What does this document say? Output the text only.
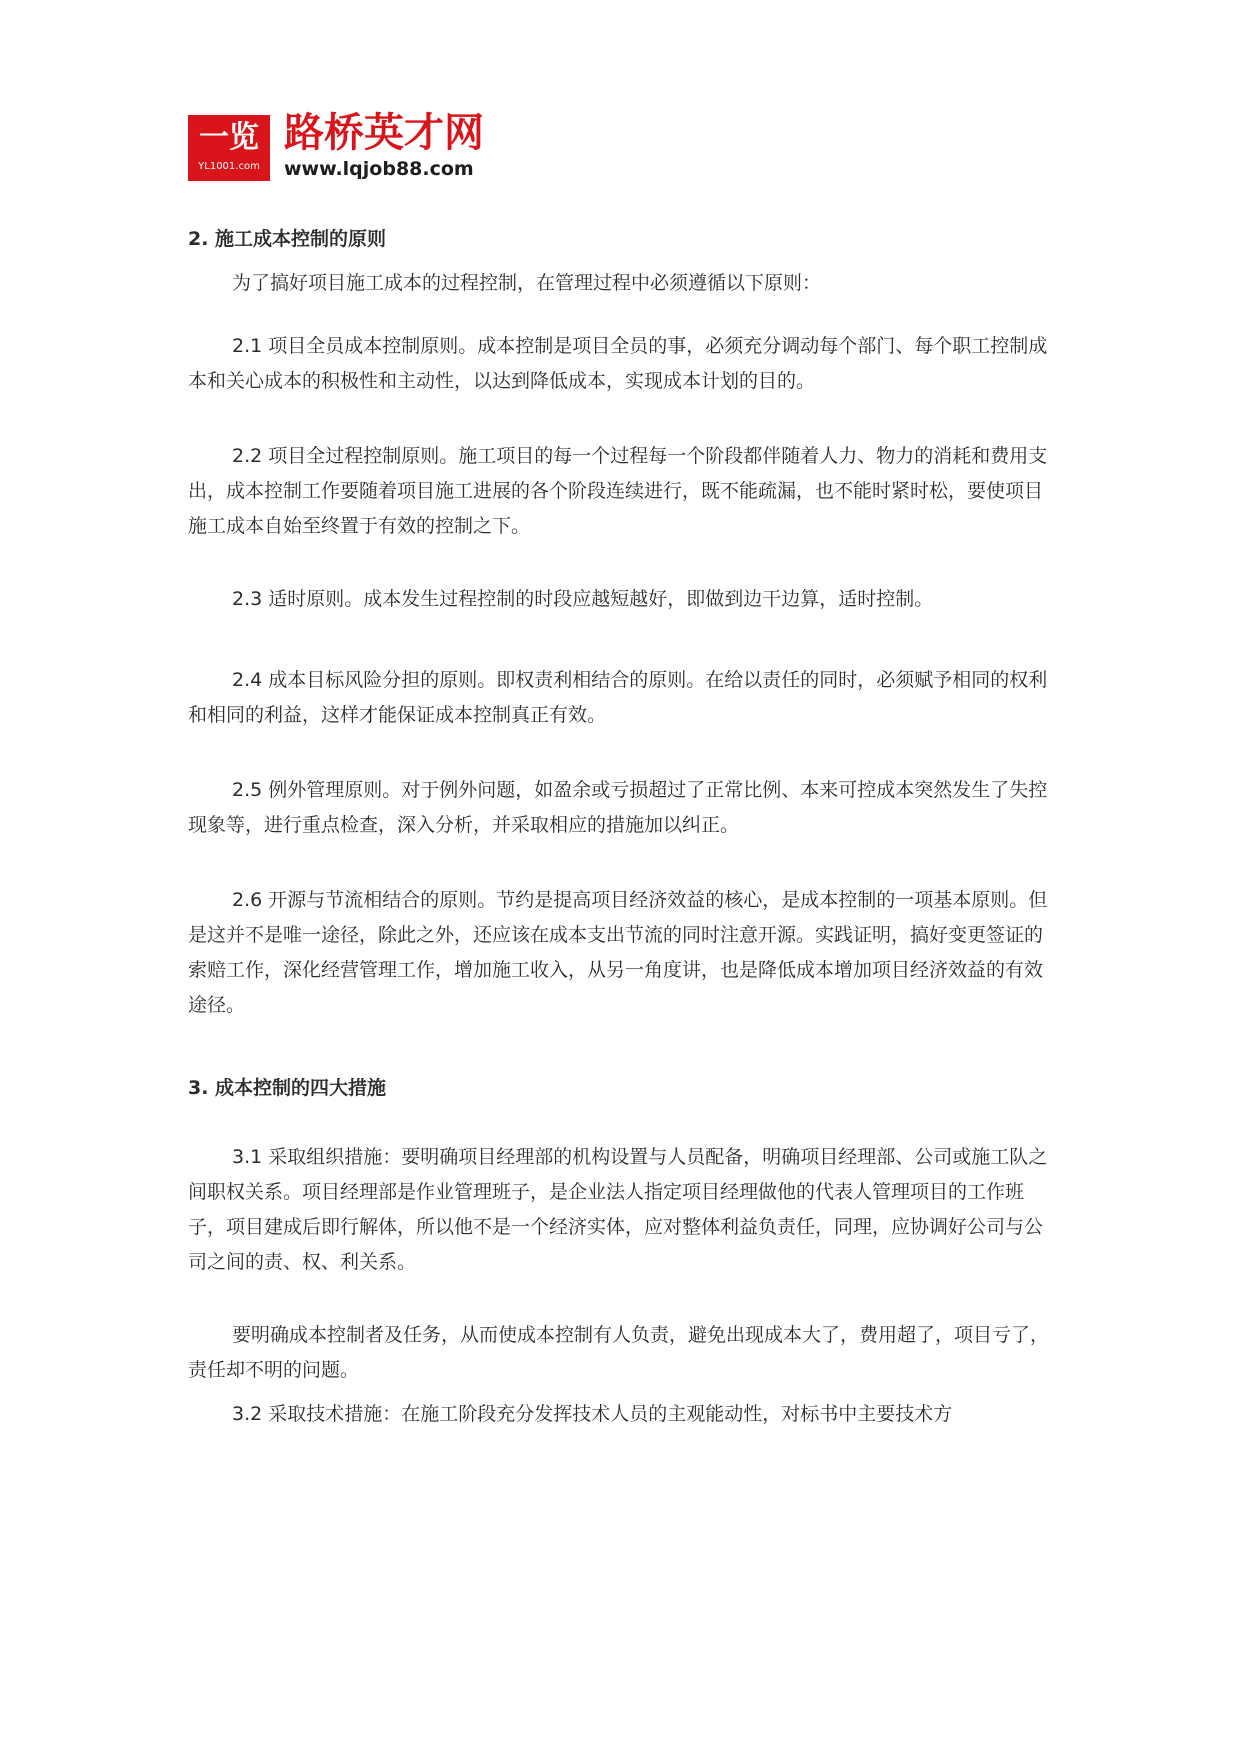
一览
YL1001.com
路桥英才网
www.lqjob88.com

2. 施工成本控制的原则

为了搞好项目施工成本的过程控制，在管理过程中必须遵循以下原则：

2.1 项目全员成本控制原则。成本控制是项目全员的事，必须充分调动每个部门、每个职工控制成本和关心成本的积极性和主动性，以达到降低成本，实现成本计划的目的。

2.2 项目全过程控制原则。施工项目的每一个过程每一个阶段都伴随着人力、物力的消耗和费用支出，成本控制工作要随着项目施工进展的各个阶段连续进行，既不能疏漏，也不能时紧时松，要使项目施工成本自始至终置于有效的控制之下。

2.3 适时原则。成本发生过程控制的时段应越短越好，即做到边干边算，适时控制。

2.4 成本目标风险分担的原则。即权责利相结合的原则。在给以责任的同时，必须赋予相同的权利和相同的利益，这样才能保证成本控制真正有效。

2.5 例外管理原则。对于例外问题，如盈余或亏损超过了正常比例、本来可控成本突然发生了失控现象等，进行重点检查，深入分析，并采取相应的措施加以纠正。

2.6 开源与节流相结合的原则。节约是提高项目经济效益的核心，是成本控制的一项基本原则。但是这并不是唯一途径，除此之外，还应该在成本支出节流的同时注意开源。实践证明，搞好变更签证的索赔工作，深化经营管理工作，增加施工收入，从另一角度讲，也是降低成本增加项目经济效益的有效途径。

3. 成本控制的四大措施

3.1 采取组织措施：要明确项目经理部的机构设置与人员配备，明确项目经理部、公司或施工队之间职权关系。项目经理部是作业管理班子，是企业法人指定项目经理做他的代表人管理项目的工作班子，项目建成后即行解体，所以他不是一个经济实体，应对整体利益负责任，同理，应协调好公司与公司之间的责、权、利关系。

要明确成本控制者及任务，从而使成本控制有人负责，避免出现成本大了，费用超了，项目亏了，责任却不明的问题。

3.2 采取技术措施：在施工阶段充分发挥技术人员的主观能动性，对标书中主要技术方
